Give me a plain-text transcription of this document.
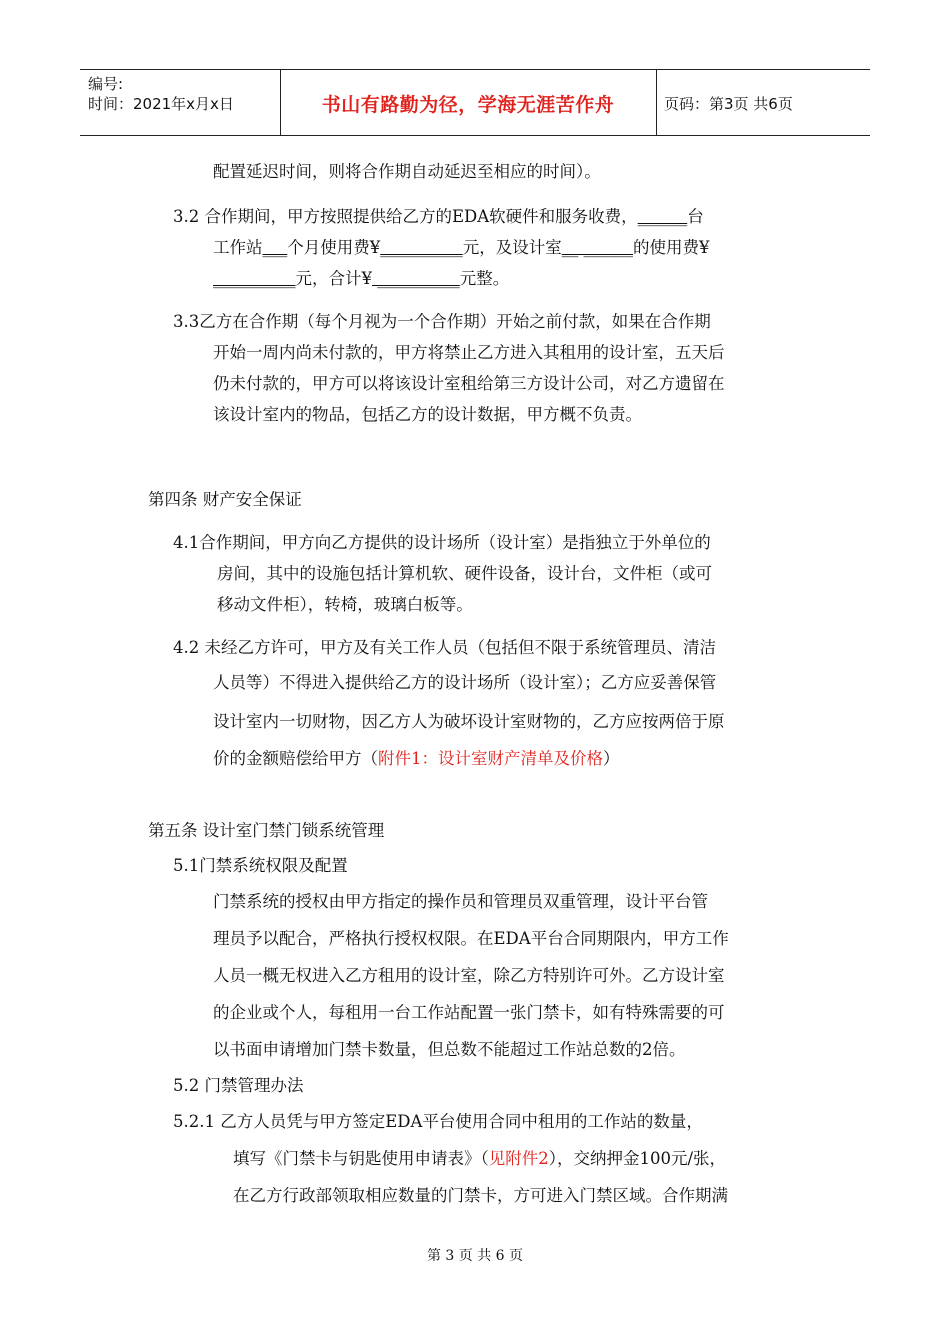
编号:
时间：2021年x月x日	书山有路勤为径，学海无涯苦作舟	页码：第3页 共6页

配置延迟时间，则将合作期自动延迟至相应的时间）。

3.2 合作期间，甲方按照提供给乙方的EDA软硬件和服务收费，______台

工作站___个月使用费¥__________元，及设计室__ ______的使用费¥

__________元，合计¥ __________元整。

3.3乙方在合作期（每个月视为一个合作期）开始之前付款，如果在合作期

开始一周内尚未付款的，甲方将禁止乙方进入其租用的设计室，五天后

仍未付款的，甲方可以将该设计室租给第三方设计公司，对乙方遗留在

该设计室内的物品，包括乙方的设计数据，甲方概不负责。

第四条 财产安全保证

4.1合作期间，甲方向乙方提供的设计场所（设计室）是指独立于外单位的

房间，其中的设施包括计算机软、硬件设备，设计台，文件柜（或可

移动文件柜），转椅，玻璃白板等。

4.2 未经乙方许可，甲方及有关工作人员（包括但不限于系统管理员、清洁

人员等）不得进入提供给乙方的设计场所（设计室）；乙方应妥善保管

设计室内一切财物，因乙方人为破坏设计室财物的，乙方应按两倍于原

价的金额赔偿给甲方（附件1：设计室财产清单及价格）

第五条 设计室门禁门锁系统管理

5.1门禁系统权限及配置

门禁系统的授权由甲方指定的操作员和管理员双重管理，设计平台管

理员予以配合，严格执行授权权限。在EDA平台合同期限内，甲方工作

人员一概无权进入乙方租用的设计室，除乙方特别许可外。乙方设计室

的企业或个人，每租用一台工作站配置一张门禁卡，如有特殊需要的可

以书面申请增加门禁卡数量，但总数不能超过工作站总数的2倍。

5.2 门禁管理办法

5.2.1 乙方人员凭与甲方签定EDA平台使用合同中租用的工作站的数量，

填写《门禁卡与钥匙使用申请表》（见附件2），交纳押金100元/张，

在乙方行政部领取相应数量的门禁卡，方可进入门禁区域。合作期满

第 3 页 共 6 页
